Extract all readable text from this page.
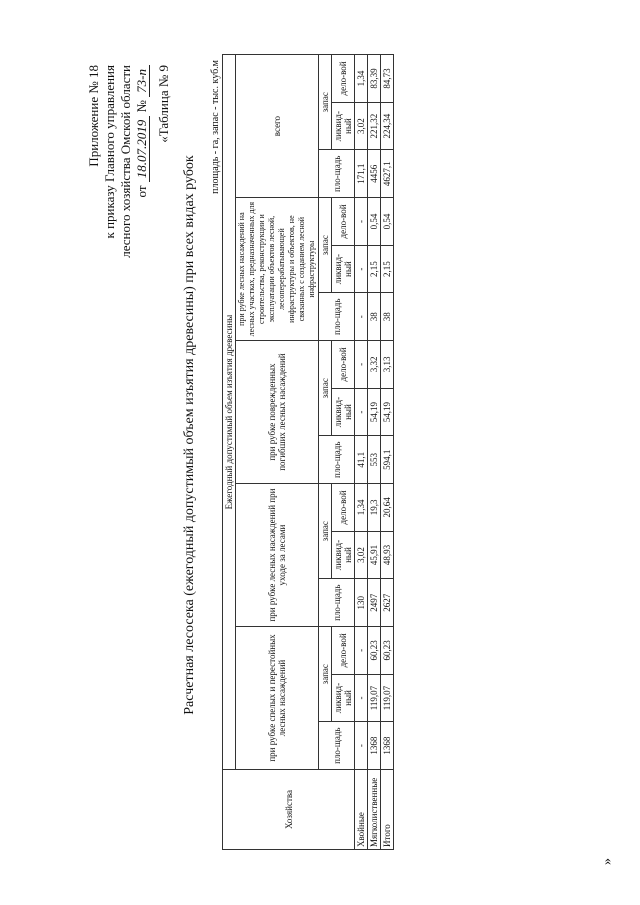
Приложение № 18 к приказу Главного управления лесного хозяйства Омской области от 18.07.2019 № 73-п «Таблица № 9
Расчетная лесосека (ежегодный допустимый объем изъятия древесины) при всех видах рубок
площадь - га, запас - тыс. куб.м
Хозяйства	Ежегодный допустимый объем изъятия древесины														
	при рубке спелых и перестойных лесных насаждений			при рубке лесных насаждений при уходе за лесами			при рубке поврежденных погибших лесных насаждений			при рубке лесных насаждений на лесных участках, предназначенных для строительства, реконструкции и эксплуатации объектов лесной, лесоперерабатывающей инфраструктуры и объектов, не связанных с созданием лесной инфраструктуры			всего		
	пло-щадь	запас		пло-щадь	запас		пло-щадь	запас		пло-щадь	запас		пло-щадь	запас	
		ликвид-ный	дело-вой		ликвид-ный	дело-вой		ликвид-ный	дело-вой		ликвид-ный	дело-вой		ликвид-ный	дело-вой
Хвойные	-	-	-	130	3,02	1,34	41,1	-	-	-	-	-	171,1	3,02	1,34
Мягколиственные	1368	119,07	60,23	2497	45,91	19,3	553	54,19	3,32	38	2,15	0,54	4456	221,32	83,39
Итого	1368	119,07	60,23	2627	48,93	20,64	594,1	54,19	3,13	38	2,15	0,54	4627,1	224,34	84,73
»
